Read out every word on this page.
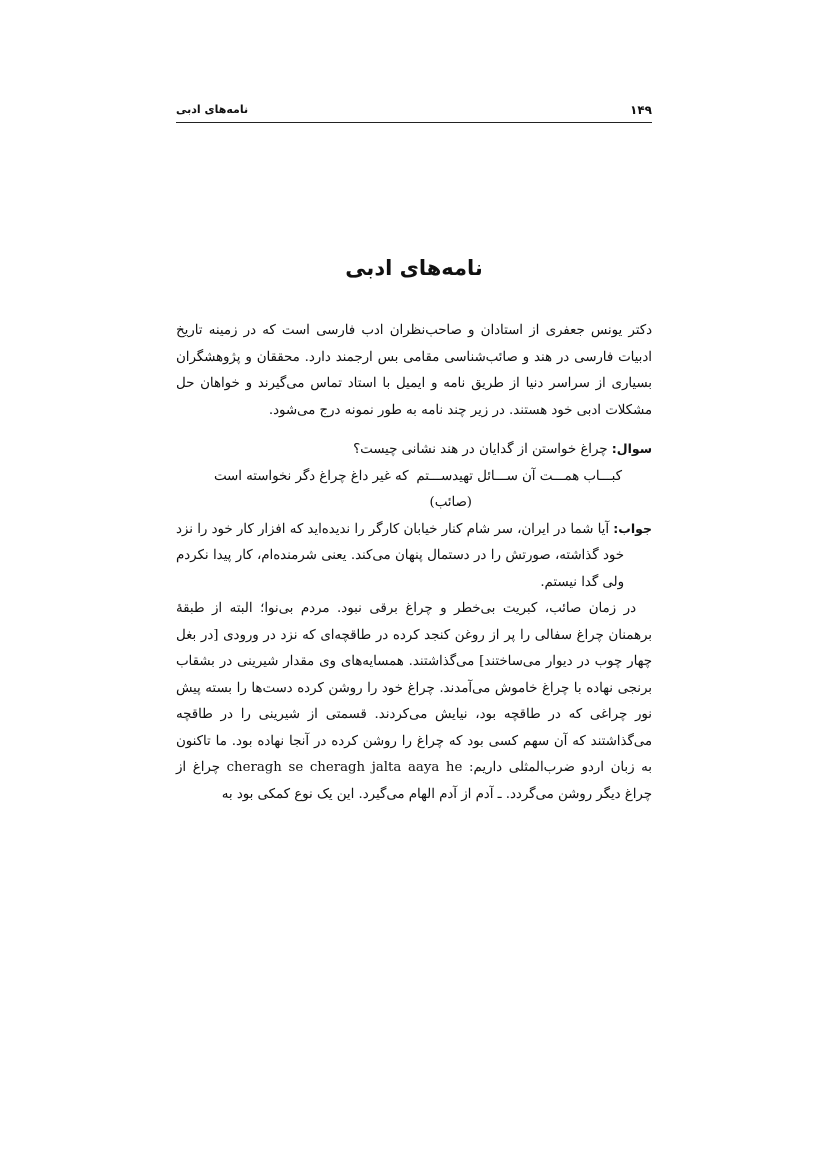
۱۴۹
نامه‌های ادبی
نامه‌های ادبی

دکتر یونس جعفری از استادان و صاحب‌نظران ادب فارسی است که در زمینه تاریخ ادبیات فارسی در هند و صائب‌شناسی مقامی بس ارجمند دارد. محققان و پژوهشگران بسیاری از سراسر دنیا از طریق نامه و ایمیل با استاد تماس می‌گیرند و خواهان حل مشکلات ادبی خود هستند. در زیر چند نامه به طور نمونه درج می‌شود.

سوال: چراغ خواستن از گدایان در هند نشانی چیست؟

کبـــاب همـــت آن ســـائل تهیدســـتم
که غیر داغ چراغ دگر نخواسته است
(صائب)

جواب: آیا شما در ایران، سر شام کنار خیابان کارگر را ندیده‌اید که افزار کار خود را نزد خود گذاشته، صورتش را در دستمال پنهان می‌کند. یعنی شرمنده‌ام، کار پیدا نکردم ولی گدا نیستم.

در زمان صائب، کبریت بی‌خطر و چراغ برقی نبود. مردم بی‌نوا؛ البته از طبقۀ برهمنان چراغ سفالی را پر از روغن کنجد کرده در طاقچه‌ای که نزد در ورودی [در بغل چهار چوب در دیوار می‌ساختند] می‌گذاشتند. همسایه‌های وی مقدار شیرینی در بشقاب برنجی نهاده با چراغ خاموش می‌آمدند. چراغ خود را روشن کرده دست‌ها را بسته پیش نور چراغی که در طاقچه بود، نیایش می‌کردند. قسمتی از شیرینی را در طاقچه می‌گذاشتند که آن سهم کسی بود که چراغ را روشن کرده در آنجا نهاده بود. ما تاکنون به زبان اردو ضرب‌المثلی داریم: cheragh se cheragh jalta aaya he چراغ از چراغ دیگر روشن می‌گردد. ـ آدم از آدم الهام می‌گیرد. این یک نوع کمکی بود به
